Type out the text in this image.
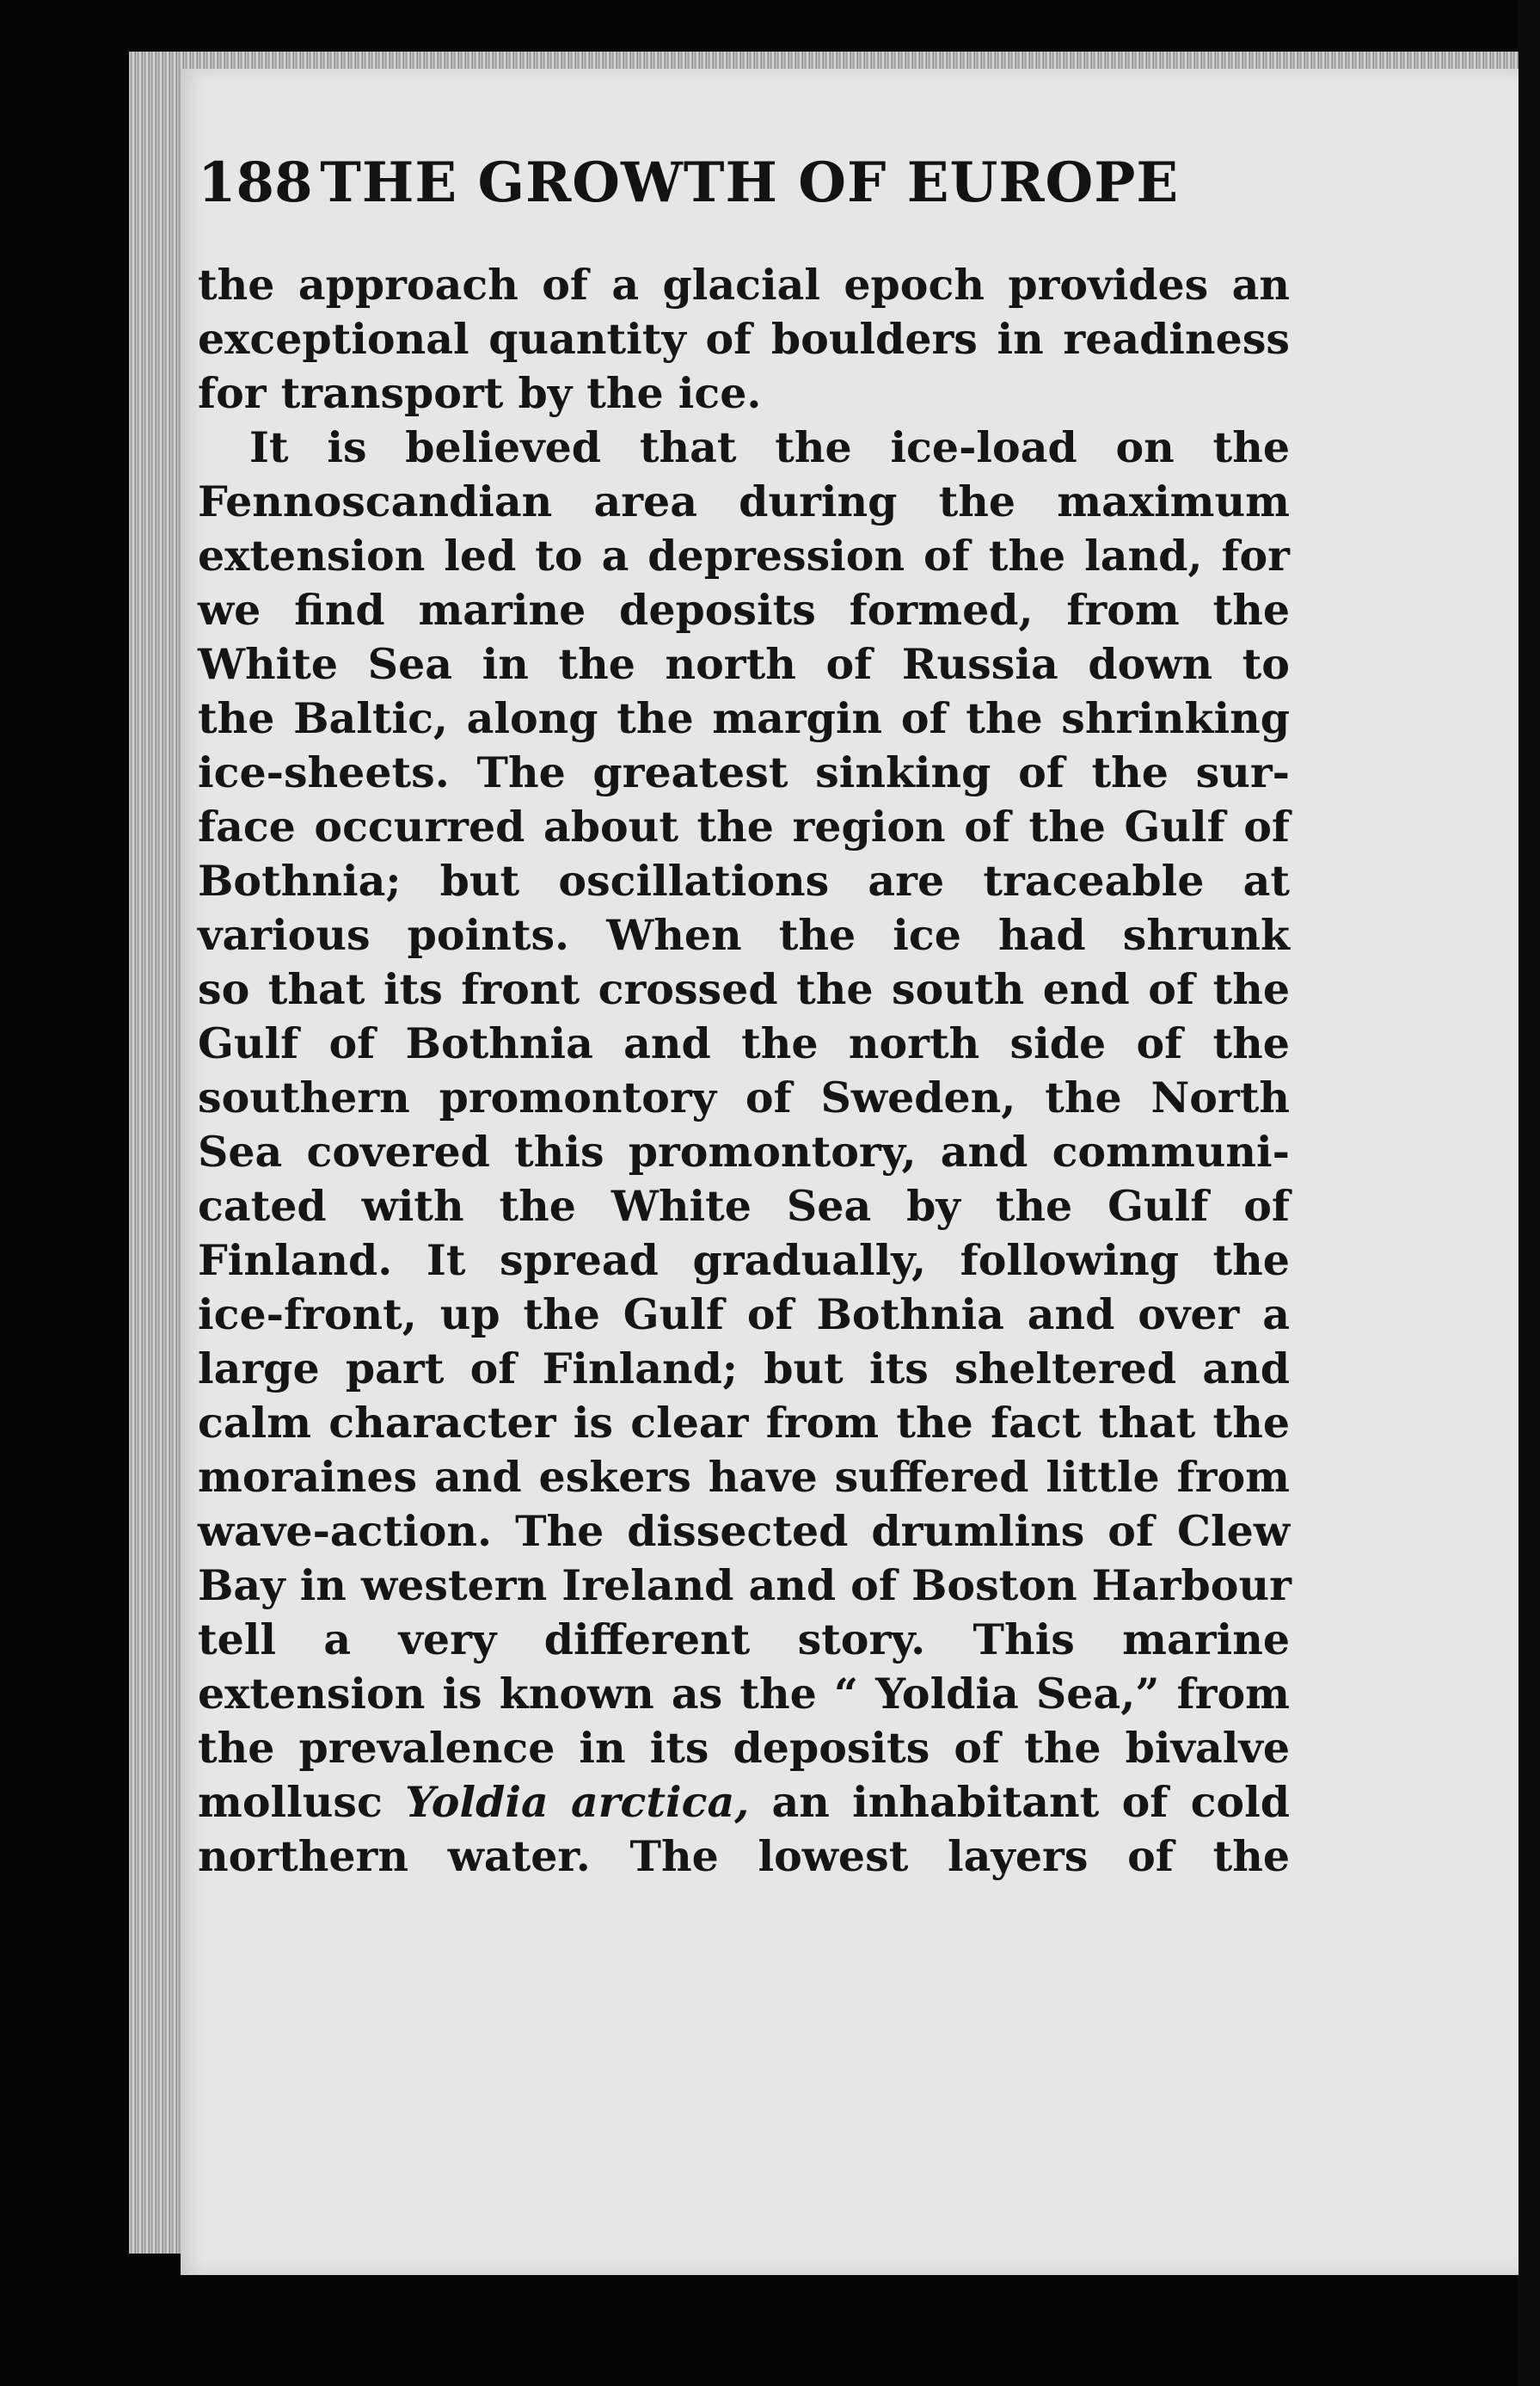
188 THE GROWTH OF EUROPE
the approach of a glacial epoch provides an
exceptional quantity of boulders in readiness
for transport by the ice.
It is believed that the ice-load on the
Fennoscandian area during the maximum
extension led to a depression of the land, for
we find marine deposits formed, from the
White Sea in the north of Russia down to
the Baltic, along the margin of the shrinking
ice-sheets. The greatest sinking of the sur-
face occurred about the region of the Gulf of
Bothnia; but oscillations are traceable at
various points. When the ice had shrunk
so that its front crossed the south end of the
Gulf of Bothnia and the north side of the
southern promontory of Sweden, the North
Sea covered this promontory, and communi-
cated with the White Sea by the Gulf of
Finland. It spread gradually, following the
ice-front, up the Gulf of Bothnia and over a
large part of Finland; but its sheltered and
calm character is clear from the fact that the
moraines and eskers have suffered little from
wave-action. The dissected drumlins of Clew
Bay in western Ireland and of Boston Harbour
tell a very different story. This marine
extension is known as the “ Yoldia Sea,” from
the prevalence in its deposits of the bivalve
mollusc Yoldia arctica, an inhabitant of cold
northern water. The lowest layers of the
